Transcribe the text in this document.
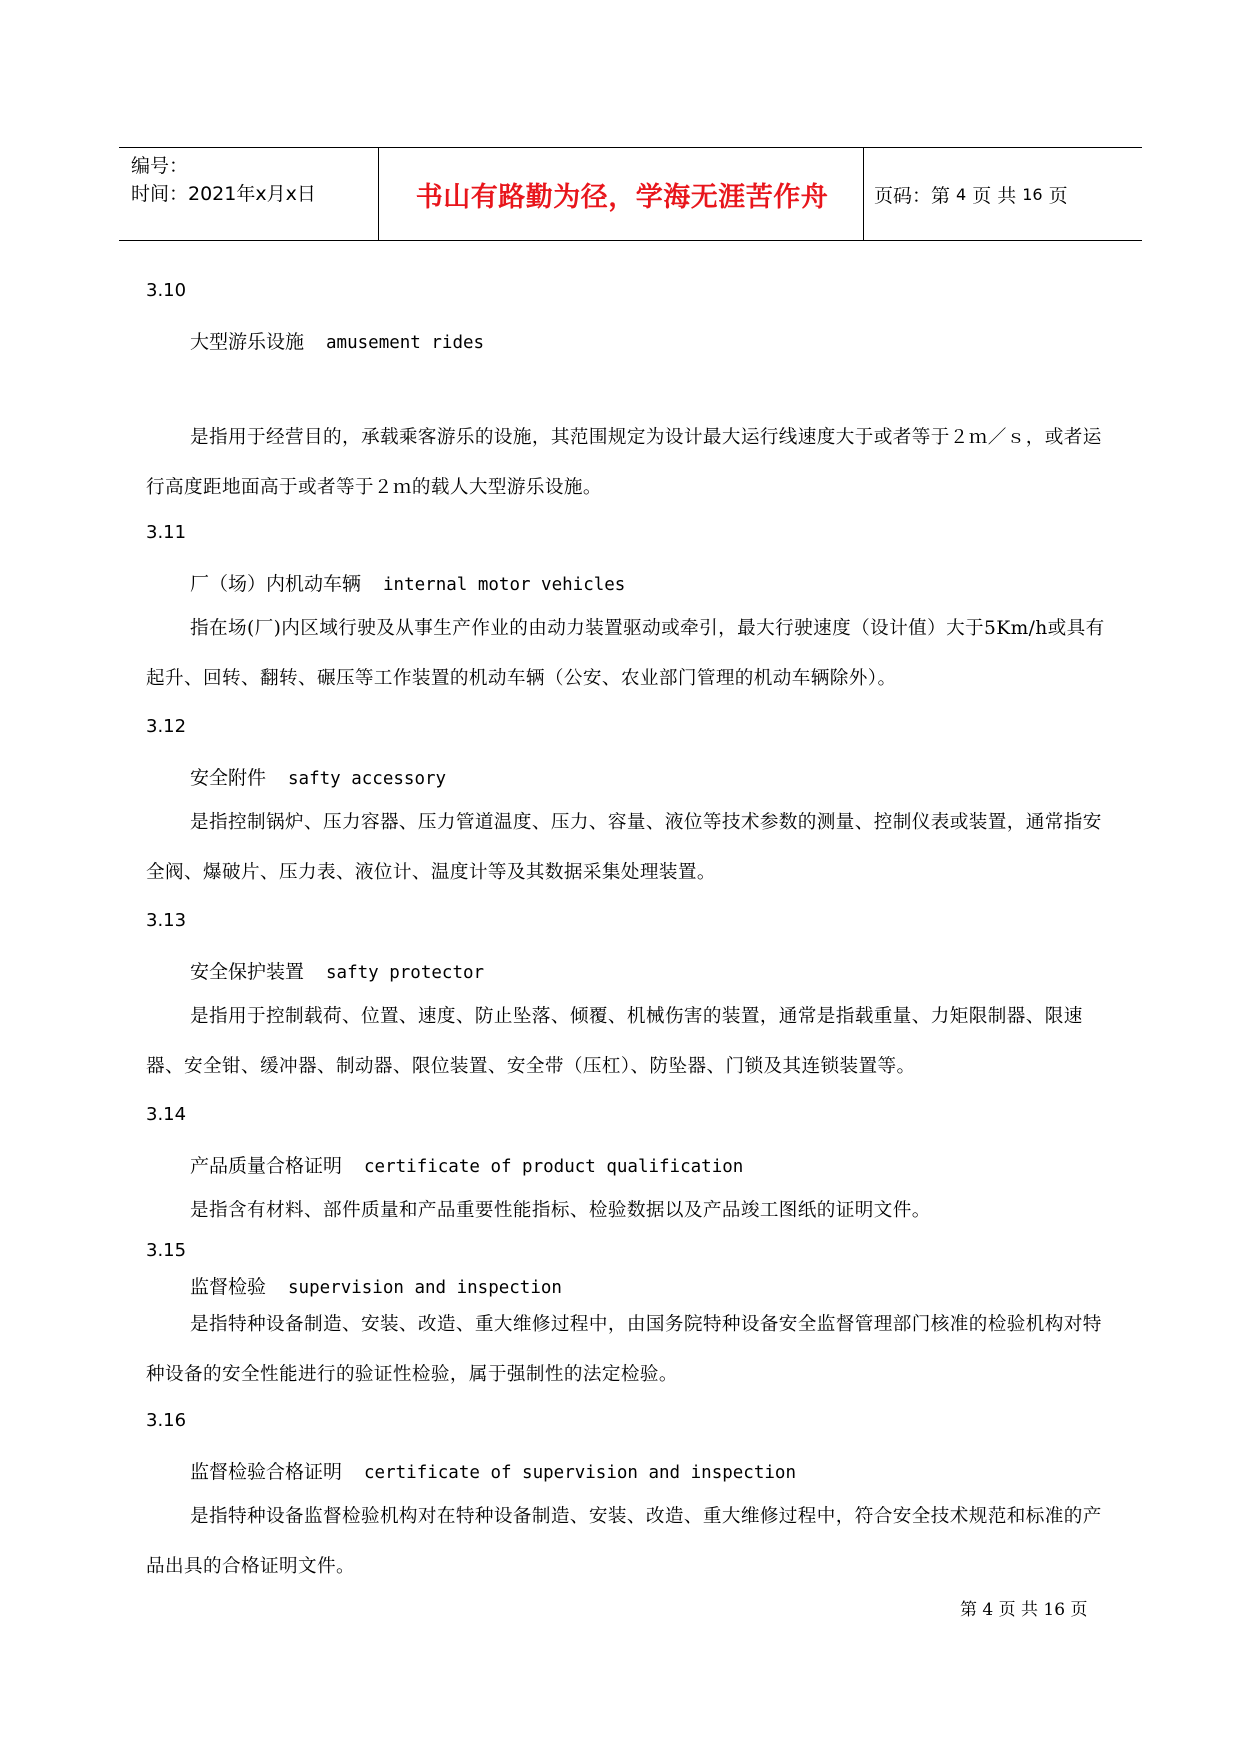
编号：
时间：2021年x月x日	书山有路勤为径，学海无涯苦作舟	页码：第 4 页 共 16 页
3.10
大型游乐设施 amusement rides
是指用于经营目的，承载乘客游乐的设施，其范围规定为设计最大运行线速度大于或者等于２ｍ／ｓ，或者运行高度距地面高于或者等于２ｍ的载人大型游乐设施。
3.11
厂（场）内机动车辆 internal motor vehicles
指在场(厂)内区域行驶及从事生产作业的由动力装置驱动或牵引，最大行驶速度（设计值）大于5Km/h或具有起升、回转、翻转、碾压等工作装置的机动车辆（公安、农业部门管理的机动车辆除外）。
3.12
安全附件 safty accessory
是指控制锅炉、压力容器、压力管道温度、压力、容量、液位等技术参数的测量、控制仪表或装置，通常指安全阀、爆破片、压力表、液位计、温度计等及其数据采集处理装置。
3.13
安全保护装置 safty protector
是指用于控制载荷、位置、速度、防止坠落、倾覆、机械伤害的装置，通常是指载重量、力矩限制器、限速器、安全钳、缓冲器、制动器、限位装置、安全带（压杠）、防坠器、门锁及其连锁装置等。
3.14
产品质量合格证明 certificate of product qualification
是指含有材料、部件质量和产品重要性能指标、检验数据以及产品竣工图纸的证明文件。
3.15
监督检验 supervision and inspection
是指特种设备制造、安装、改造、重大维修过程中，由国务院特种设备安全监督管理部门核准的检验机构对特种设备的安全性能进行的验证性检验，属于强制性的法定检验。
3.16
监督检验合格证明 certificate of supervision and inspection
是指特种设备监督检验机构对在特种设备制造、安装、改造、重大维修过程中，符合安全技术规范和标准的产品出具的合格证明文件。
第 4 页 共 16 页
